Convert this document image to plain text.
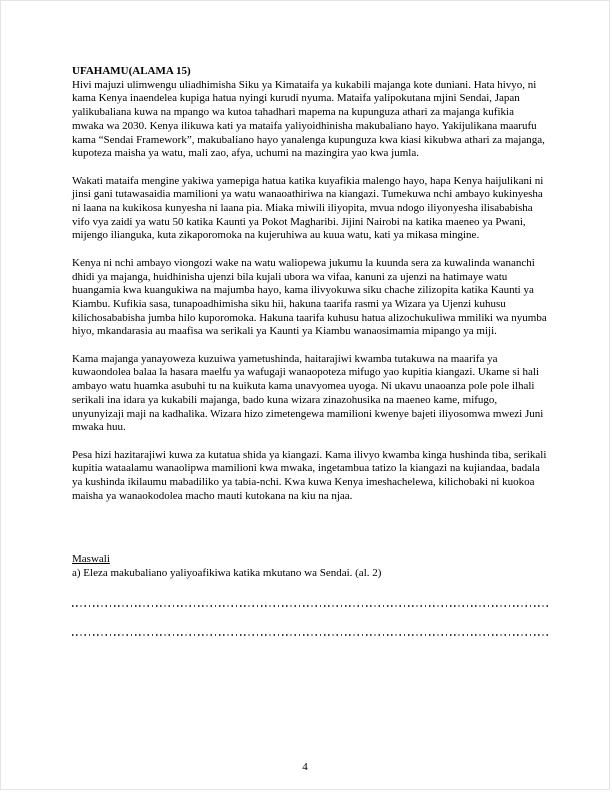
UFAHAMU(ALAMA 15)

Hivi majuzi ulimwengu uliadhimisha Siku ya Kimataifa ya kukabili majanga kote duniani. Hata hivyo, ni kama Kenya inaendelea kupiga hatua nyingi kurudi nyuma. Mataifa yalipokutana mjini Sendai, Japan yalikubaliana kuwa na mpango wa kutoa tahadhari mapema na kupunguza athari za majanga kufikia mwaka wa 2030. Kenya ilikuwa kati ya mataifa yaliyoidhinisha makubaliano hayo. Yakijulikana maarufu kama “Sendai Framework”, makubaliano hayo yanalenga kupunguza kwa kiasi kikubwa athari za majanga, kupoteza maisha ya watu, mali zao, afya, uchumi na mazingira yao kwa jumla.

Wakati mataifa mengine yakiwa yamepiga hatua katika kuyafikia malengo hayo, hapa Kenya haijulikani ni jinsi gani tutawasaidia mamilioni ya watu wanaoathiriwa na kiangazi. Tumekuwa nchi ambayo kukinyesha ni laana na kukikosa kunyesha ni laana pia. Miaka miwili iliyopita, mvua ndogo iliyonyesha ilisababisha vifo vya zaidi ya watu 50 katika Kaunti ya Pokot Magharibi. Jijini Nairobi na katika maeneo ya Pwani, mijengo ilianguka, kuta zikaporomoka na kujeruhiwa au kuua watu, kati ya mikasa mingine.

Kenya ni nchi ambayo viongozi wake na watu waliopewa jukumu la kuunda sera za kuwalinda wananchi dhidi ya majanga, huidhinisha ujenzi bila kujali ubora wa vifaa, kanuni za ujenzi na hatimaye watu huangamia kwa kuangukiwa na majumba hayo, kama ilivyokuwa siku chache zilizopita katika Kaunti ya Kiambu. Kufikia sasa, tunapoadhimisha siku hii, hakuna taarifa rasmi ya Wizara ya Ujenzi kuhusu kilichosababisha jumba hilo kuporomoka. Hakuna taarifa kuhusu hatua alizochukuliwa mmiliki wa nyumba hiyo, mkandarasia au maafisa wa serikali ya Kaunti ya Kiambu wanaosimamia mipango ya miji.

Kama majanga yanayoweza kuzuiwa yametushinda, haitarajiwi kwamba tutakuwa na maarifa ya kuwaondolea balaa la hasara maelfu ya wafugaji wanaopoteza mifugo yao kupitia kiangazi. Ukame si hali ambayo watu huamka asubuhi tu na kuikuta kama unavyomea uyoga. Ni ukavu unaoanza pole pole ilhali serikali ina idara ya kukabili majanga, bado kuna wizara zinazohusika na maeneo kame, mifugo, unyunyizaji maji na kadhalika. Wizara hizo zimetengewa mamilioni kwenye bajeti iliyosomwa mwezi Juni mwaka huu.

Pesa hizi hazitarajiwi kuwa za kutatua shida ya kiangazi. Kama ilivyo kwamba kinga hushinda tiba, serikali kupitia wataalamu wanaolipwa mamilioni kwa mwaka, ingetambua tatizo la kiangazi na kujiandaa, badala ya kushinda ikilaumu mabadiliko ya tabia-nchi. Kwa kuwa Kenya imeshachelewa, kilichobaki ni kuokoa maisha ya wanaokodolea macho mauti kutokana na kiu na njaa.

Maswali

a) Eleza makubaliano yaliyoafikiwa katika mkutano wa Sendai. (al. 2)

4
